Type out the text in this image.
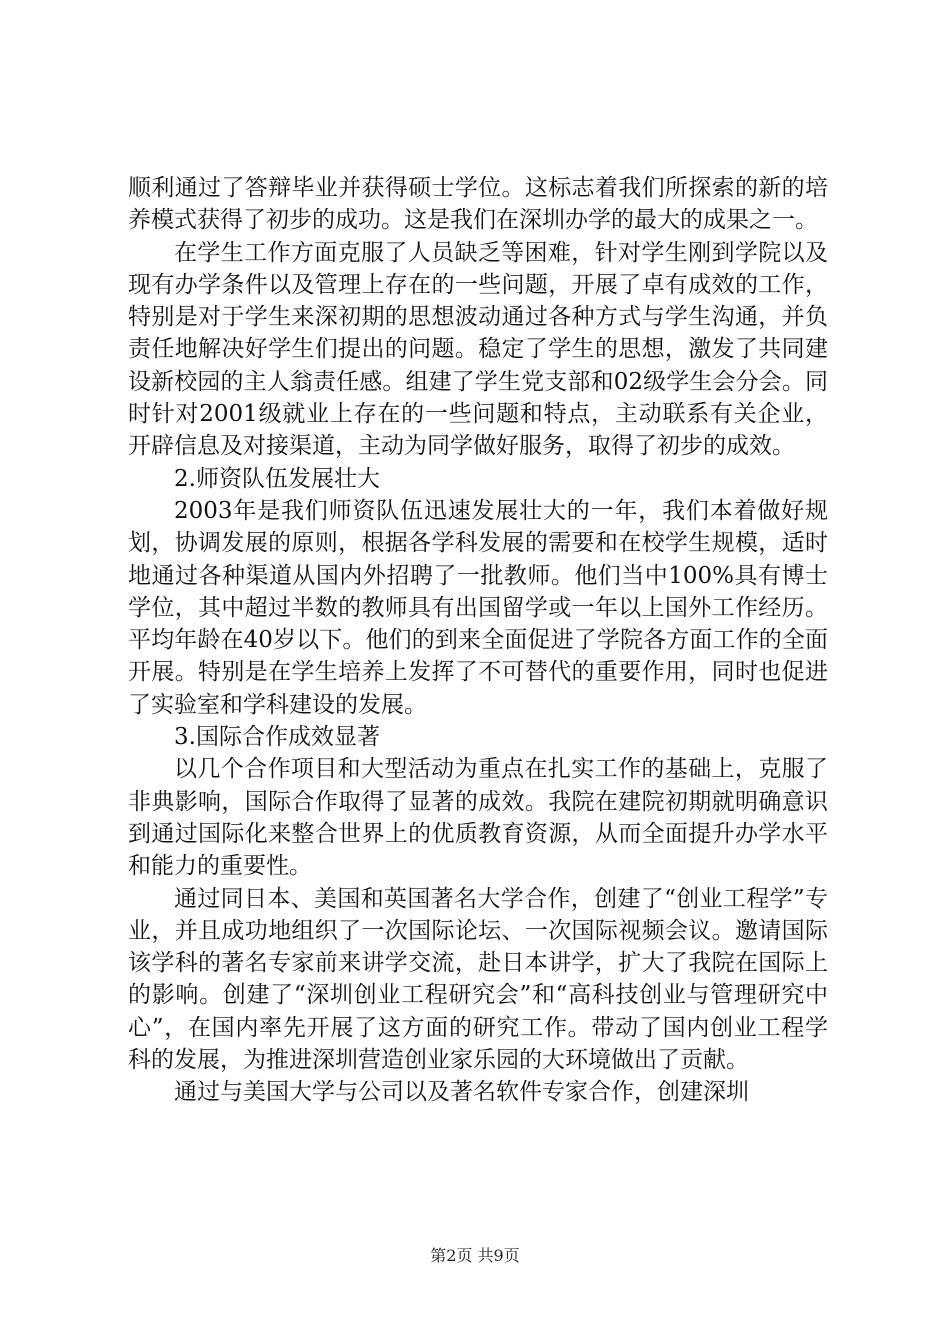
顺利通过了答辩毕业并获得硕士学位。这标志着我们所探索的新的培养模式获得了初步的成功。这是我们在深圳办学的最大的成果之一。

在学生工作方面克服了人员缺乏等困难，针对学生刚到学院以及现有办学条件以及管理上存在的一些问题，开展了卓有成效的工作，特别是对于学生来深初期的思想波动通过各种方式与学生沟通，并负责任地解决好学生们提出的问题。稳定了学生的思想，激发了共同建设新校园的主人翁责任感。组建了学生党支部和02级学生会分会。同时针对2001级就业上存在的一些问题和特点，主动联系有关企业，开辟信息及对接渠道，主动为同学做好服务，取得了初步的成效。

2.师资队伍发展壮大

2003年是我们师资队伍迅速发展壮大的一年，我们本着做好规划，协调发展的原则，根据各学科发展的需要和在校学生规模，适时地通过各种渠道从国内外招聘了一批教师。他们当中100%具有博士学位，其中超过半数的教师具有出国留学或一年以上国外工作经历。平均年龄在40岁以下。他们的到来全面促进了学院各方面工作的全面开展。特别是在学生培养上发挥了不可替代的重要作用，同时也促进了实验室和学科建设的发展。

3.国际合作成效显著

以几个合作项目和大型活动为重点在扎实工作的基础上，克服了非典影响，国际合作取得了显著的成效。我院在建院初期就明确意识到通过国际化来整合世界上的优质教育资源，从而全面提升办学水平和能力的重要性。

通过同日本、美国和英国著名大学合作，创建了“创业工程学”专业，并且成功地组织了一次国际论坛、一次国际视频会议。邀请国际该学科的著名专家前来讲学交流，赴日本讲学，扩大了我院在国际上的影响。创建了“深圳创业工程研究会”和“高科技创业与管理研究中心”，在国内率先开展了这方面的研究工作。带动了国内创业工程学科的发展，为推进深圳营造创业家乐园的大环境做出了贡献。

通过与美国大学与公司以及著名软件专家合作，创建深圳

第2页 共9页
